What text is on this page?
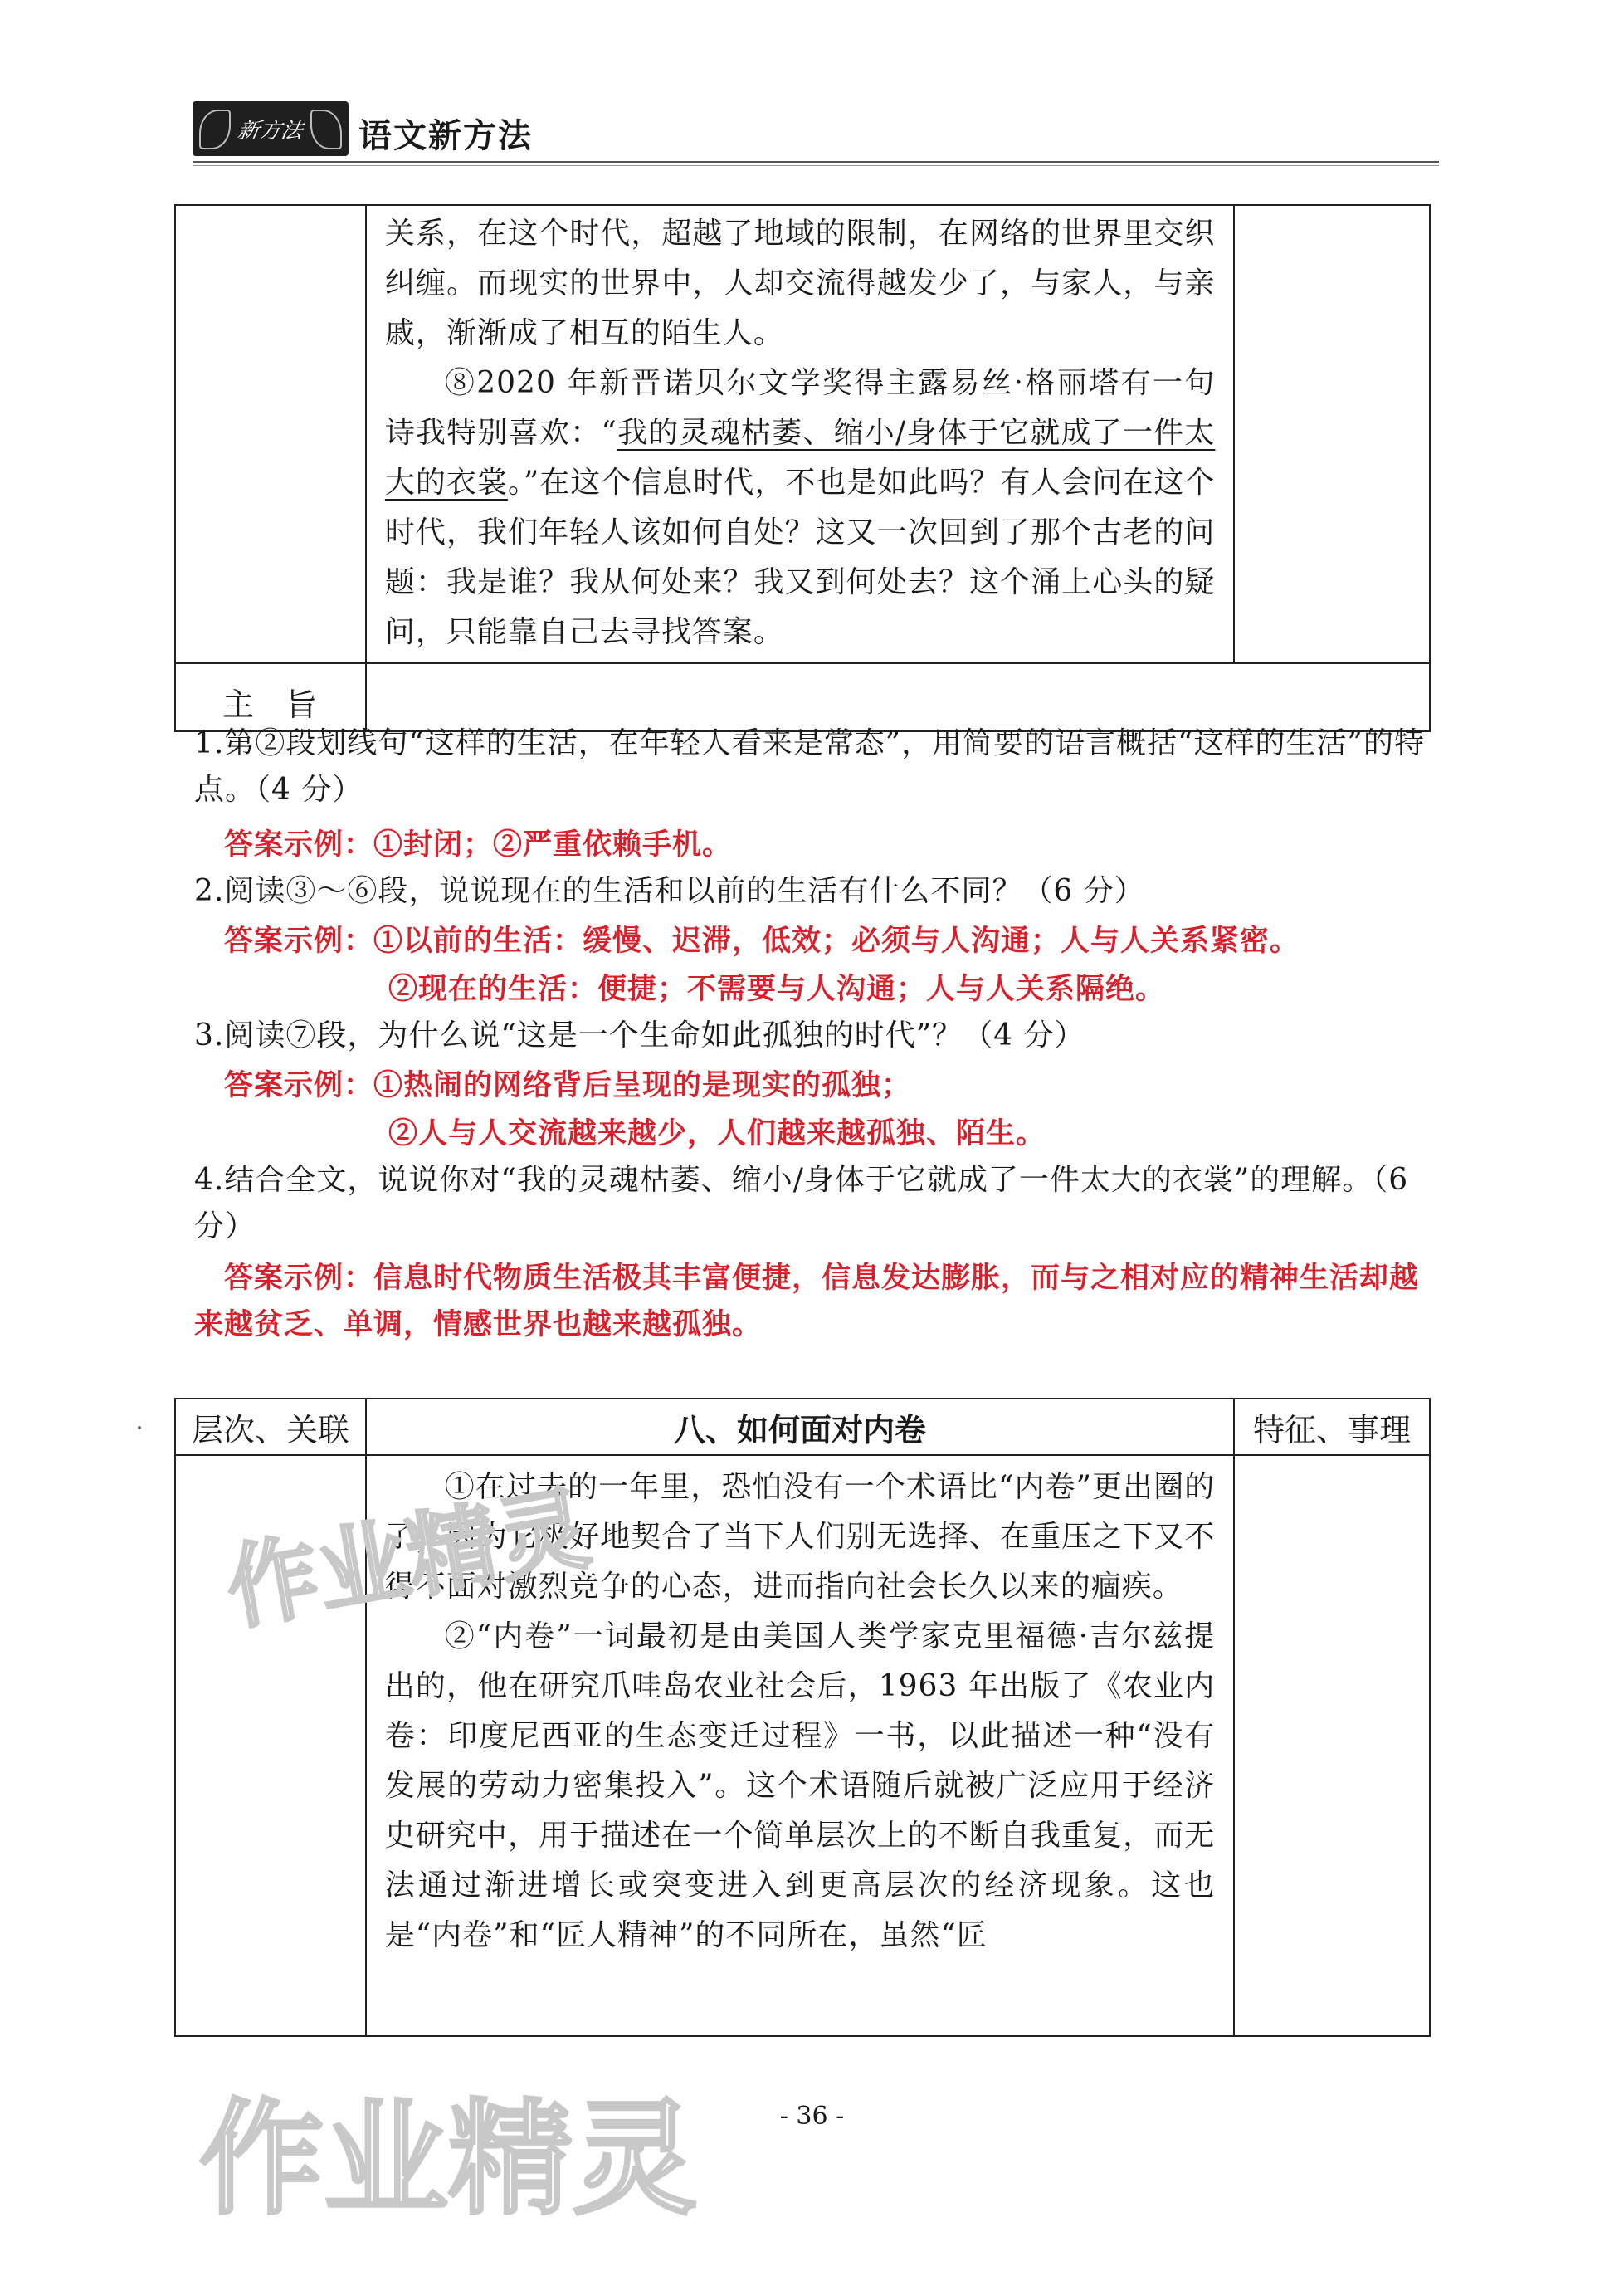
新方法 语文新方法

	关系，在这个时代，超越了地域的限制，在网络的世界里交织纠缠。而现实的世界中，人却交流得越发少了，与家人，与亲戚，渐渐成了相互的陌生人。

⑧2020 年新晋诺贝尔文学奖得主露易丝·格丽塔有一句诗我特别喜欢：“我的灵魂枯萎、缩小/身体于它就成了一件太大的衣裳。”在这个信息时代，不也是如此吗？有人会问在这个时代，我们年轻人该如何自处？这又一次回到了那个古老的问题：我是谁？我从何处来？我又到何处去？这个涌上心头的疑问，只能靠自己去寻找答案。	

主　旨		

1.第②段划线句“这样的生活，在年轻人看来是常态”，用简要的语言概括“这样的生活”的特点。（4 分）
答案示例：①封闭；②严重依赖手机。
2.阅读③～⑥段，说说现在的生活和以前的生活有什么不同？（6 分）
答案示例：①以前的生活：缓慢、迟滞，低效；必须与人沟通；人与人关系紧密。
②现在的生活：便捷；不需要与人沟通；人与人关系隔绝。
3.阅读⑦段，为什么说“这是一个生命如此孤独的时代”？（4 分）
答案示例：①热闹的网络背后呈现的是现实的孤独；
②人与人交流越来越少，人们越来越孤独、陌生。
4.结合全文，说说你对“我的灵魂枯萎、缩小/身体于它就成了一件太大的衣裳”的理解。（6 分）
答案示例：信息时代物质生活极其丰富便捷，信息发达膨胀，而与之相对应的精神生活却越来越贫乏、单调，情感世界也越来越孤独。
层次、关联	八、如何面对内卷	特征、事理

	①在过去的一年里，恐怕没有一个术语比“内卷”更出圈的了，因为它极好地契合了当下人们别无选择、在重压之下又不得不面对激烈竞争的心态，进而指向社会长久以来的痼疾。

②“内卷”一词最初是由美国人类学家克里福德·吉尔兹提出的，他在研究爪哇岛农业社会后，1963 年出版了《农业内卷：印度尼西亚的生态变迁过程》一书，以此描述一种“没有发展的劳动力密集投入”。这个术语随后就被广泛应用于经济史研究中，用于描述在一个简单层次上的不断自我重复，而无法通过渐进增长或突变进入到更高层次的经济现象。这也是“内卷”和“匠人精神”的不同所在，虽然“匠	

作业精灵
作业精灵	- 36 -
